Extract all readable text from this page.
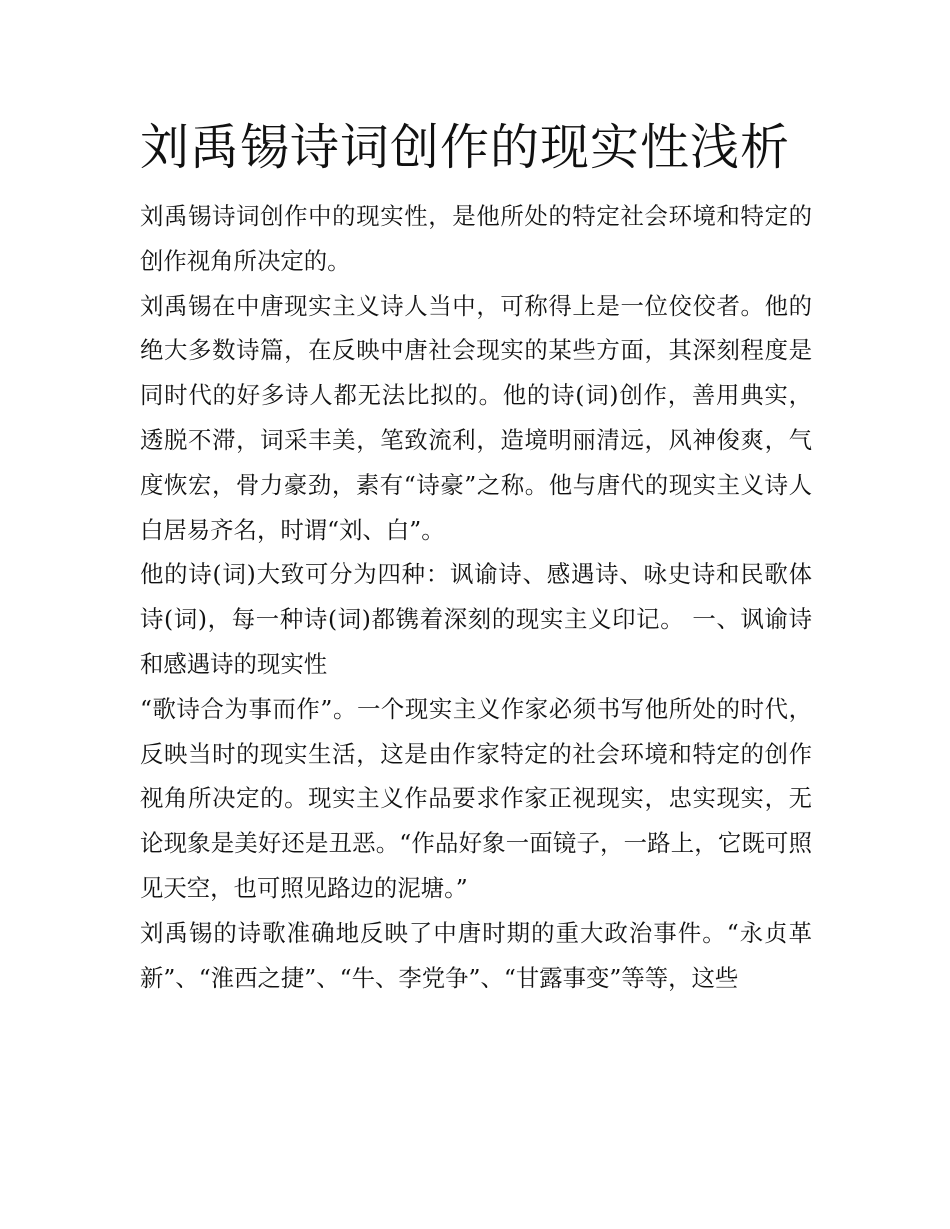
刘禹锡诗词创作的现实性浅析

刘禹锡诗词创作中的现实性，是他所处的特定社会环境和特定的创作视角所决定的。

刘禹锡在中唐现实主义诗人当中，可称得上是一位佼佼者。他的绝大多数诗篇，在反映中唐社会现实的某些方面，其深刻程度是同时代的好多诗人都无法比拟的。他的诗(词)创作，善用典实，透脱不滞，词采丰美，笔致流利，造境明丽清远，风神俊爽，气度恢宏，骨力豪劲，素有“诗豪”之称。他与唐代的现实主义诗人白居易齐名，时谓“刘、白”。

他的诗(词)大致可分为四种：讽谕诗、感遇诗、咏史诗和民歌体诗(词)，每一种诗(词)都镌着深刻的现实主义印记。 一、讽谕诗和感遇诗的现实性

“歌诗合为事而作”。一个现实主义作家必须书写他所处的时代，反映当时的现实生活，这是由作家特定的社会环境和特定的创作视角所决定的。现实主义作品要求作家正视现实，忠实现实，无论现象是美好还是丑恶。“作品好象一面镜子，一路上，它既可照见天空，也可照见路边的泥塘。”

刘禹锡的诗歌准确地反映了中唐时期的重大政治事件。“永贞革新”、“淮西之捷”、“牛、李党争”、“甘露事变”等等，这些
